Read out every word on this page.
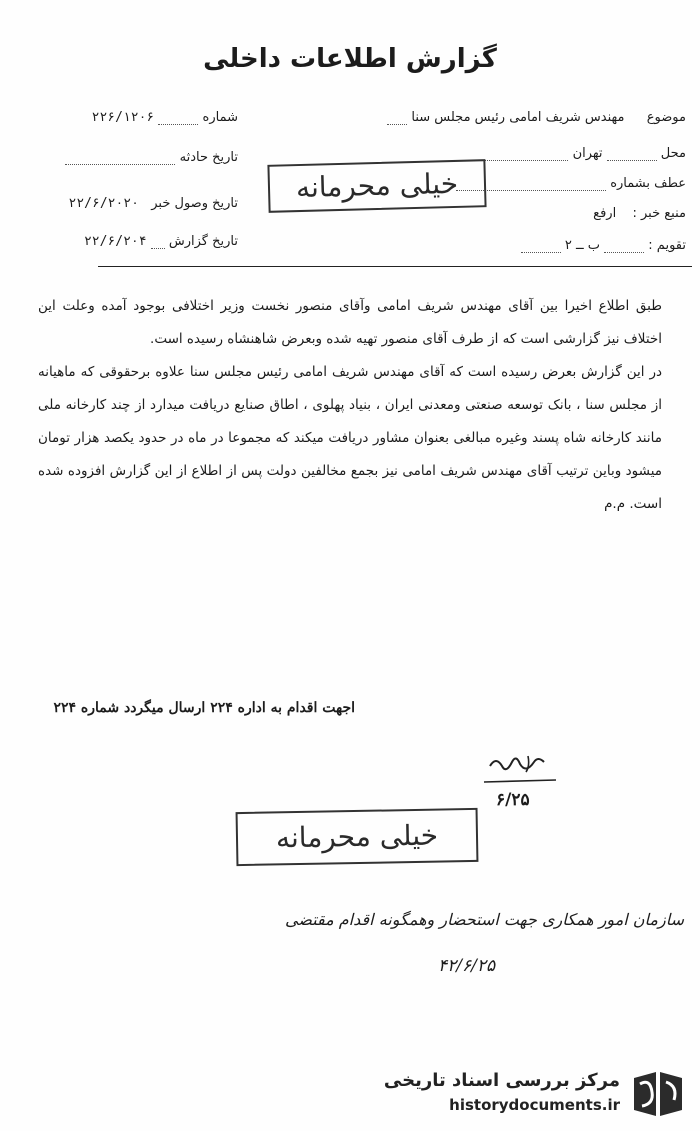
گزارش اطلاعات داخلی
موضوع  مهندس شریف امامی رئیس مجلس سنا
محل  تهران
عطف بشماره
منبع خبر :  ارفع
تقویم :  ب ــ ۲
شماره  ۲۲۶/۱۲۰۶
تاریخ حادثه
تاریخ وصول خبر  ۲۲/۶/۲۰۲۰
تاریخ گزارش  ۲۲/۶/۲۰۴
خیلی محرمانه

طبق اطلاع اخیرا بین آقای مهندس شریف امامی وآقای منصور نخست وزیر اختلافی بوجود آمده وعلت این اختلاف نیز گزارشی است که از طرف آقای منصور تهیه شده وبعرض شاهنشاه رسیده است.

در این گزارش بعرض رسیده است که آقای مهندس شریف امامی رئیس مجلس سنا علاوه برحقوقی که ماهیانه از مجلس سنا ، بانک توسعه صنعتی ومعدنی ایران ، بنیاد پهلوی ، اطاق صنایع دریافت میدارد از چند کارخانه ملی مانند کارخانه شاه پسند وغیره مبالغی بعنوان مشاور دریافت میکند که مجموعا در ماه در حدود یکصد هزار تومان میشود وباین ترتیب آقای مهندس شریف امامی نیز بجمع مخالفین دولت پس از اطلاع از این گزارش افزوده شده است. م.م

اجهت اقدام به اداره ۲۲۴ ارسال میگردد شماره ۲۲۴
۶/۲۵
خیلی محرمانه
سازمان امور همکاری جهت استحضار وهمگونه اقدام مقتضی
۴۲/۶/۲۵
مرکز بررسی اسناد تاریخی
historydocuments.ir
